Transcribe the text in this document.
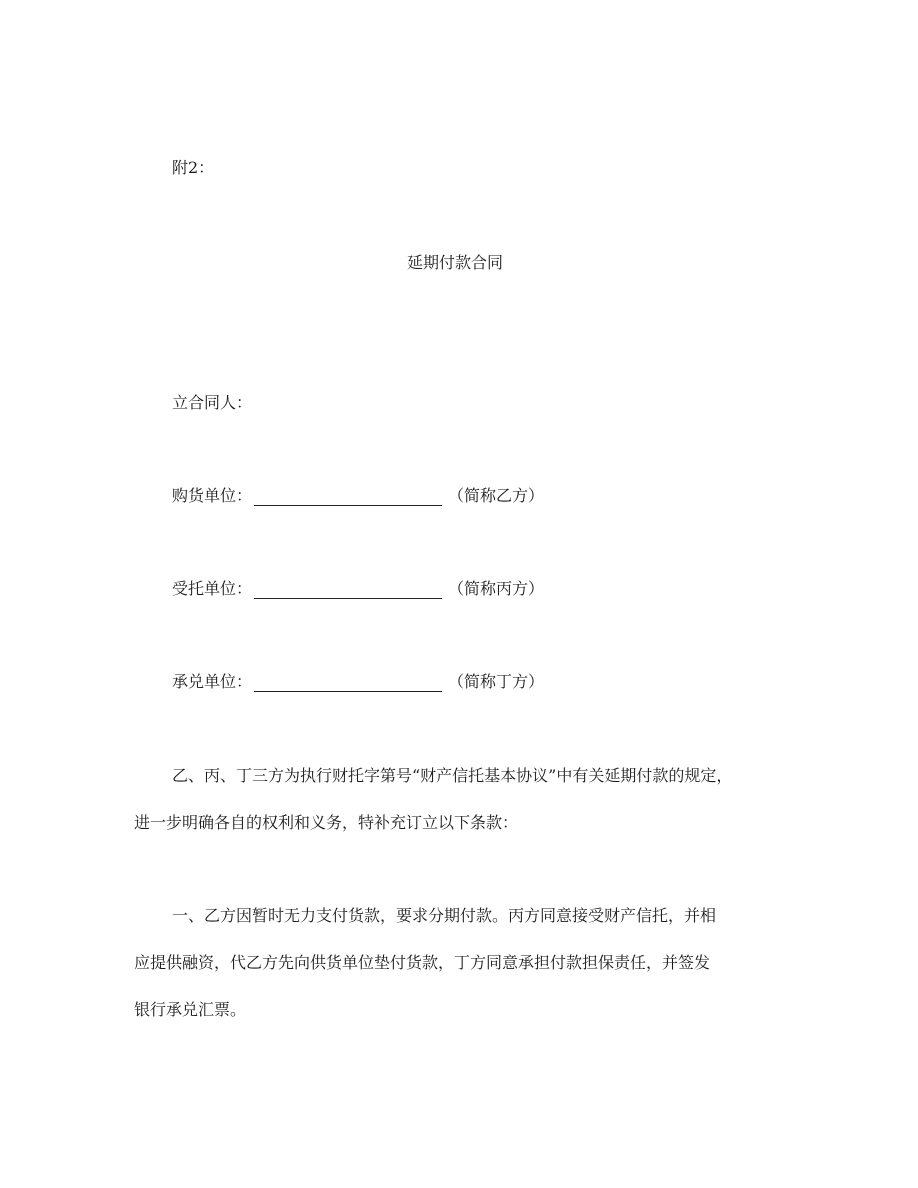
附2：
延期付款合同
立合同人：
购货单位：	（简称乙方）
受托单位：	（简称丙方）
承兑单位：	（简称丁方）
乙、丙、丁三方为执行财托字第号“财产信托基本协议”中有关延期付款的规定，
进一步明确各自的权利和义务，特补充订立以下条款：
一、乙方因暂时无力支付货款，要求分期付款。丙方同意接受财产信托，并相
应提供融资，代乙方先向供货单位垫付货款，丁方同意承担付款担保责任，并签发
银行承兑汇票。
